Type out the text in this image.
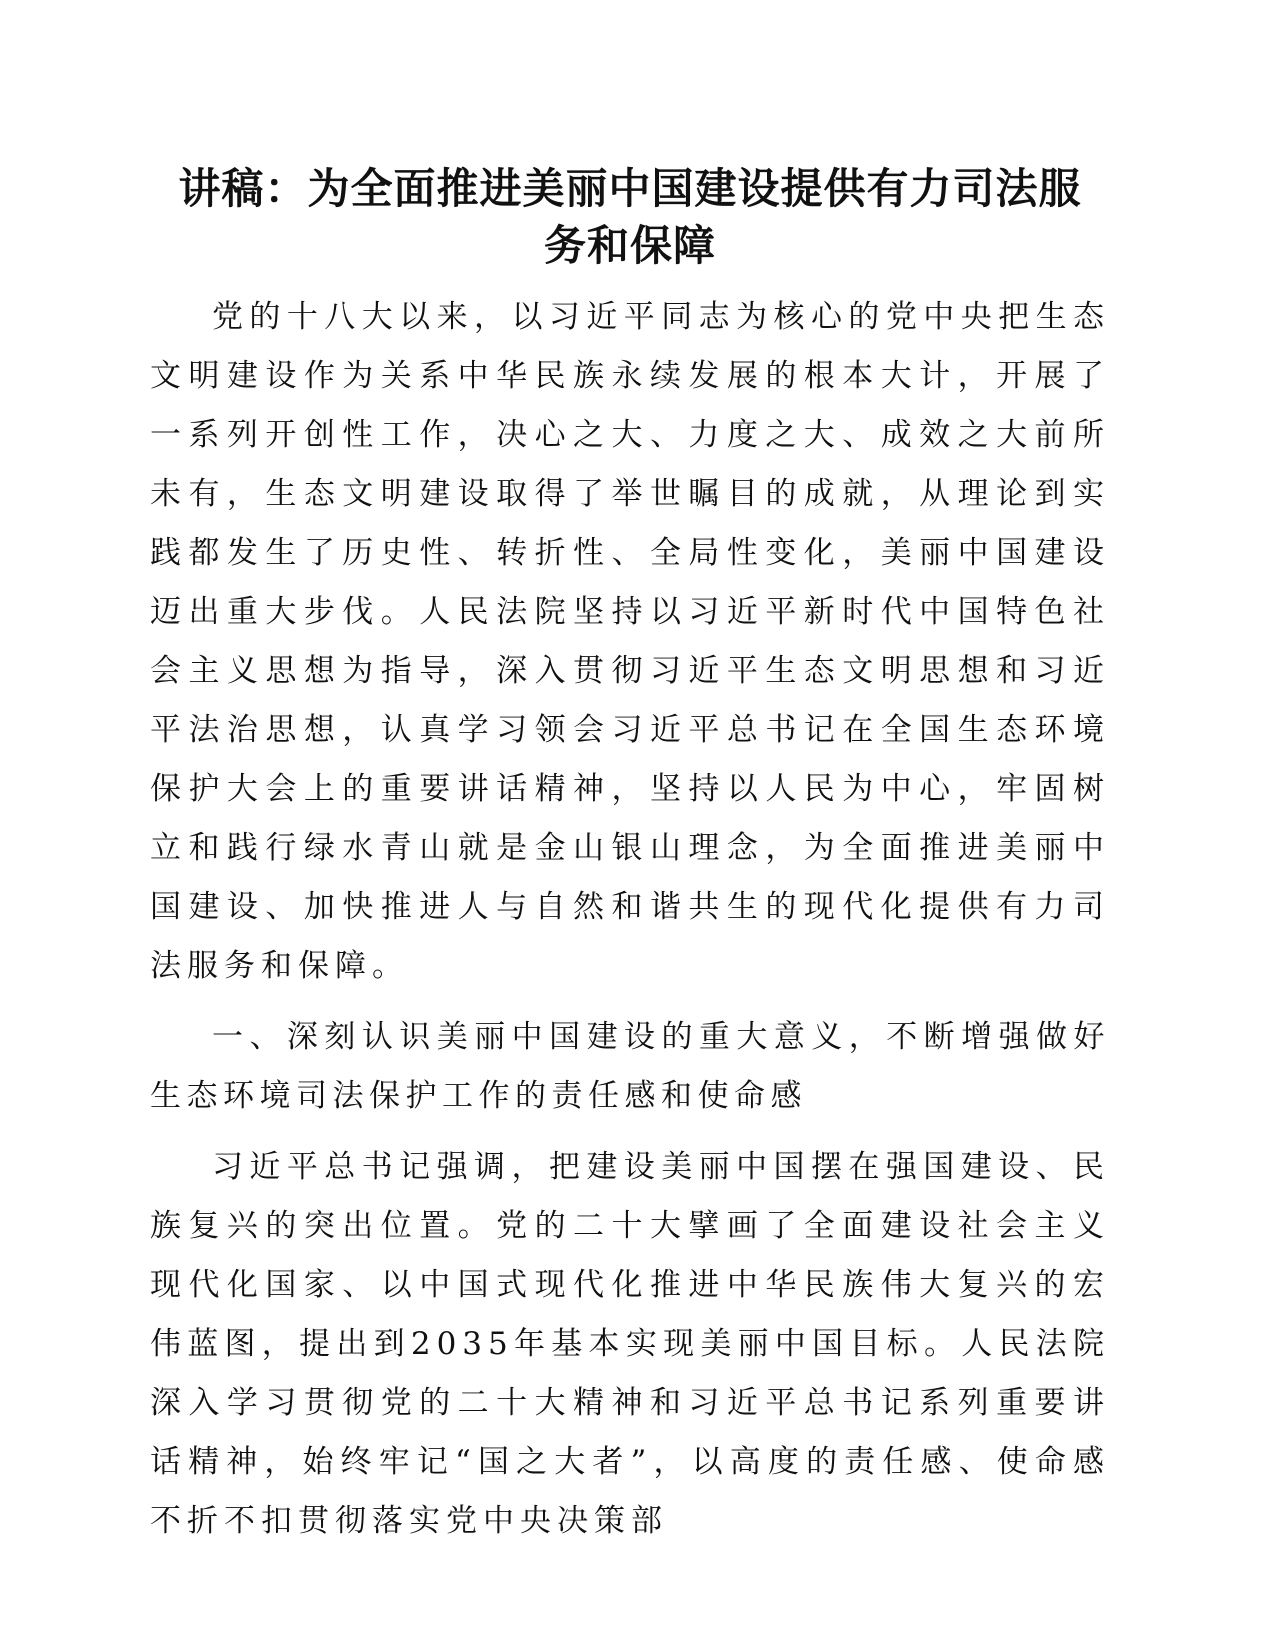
讲稿：为全面推进美丽中国建设提供有力司法服
务和保障

党的十八大以来，以习近平同志为核心的党中央把生态文明建设作为关系中华民族永续发展的根本大计，开展了一系列开创性工作，决心之大、力度之大、成效之大前所未有，生态文明建设取得了举世瞩目的成就，从理论到实践都发生了历史性、转折性、全局性变化，美丽中国建设迈出重大步伐。人民法院坚持以习近平新时代中国特色社会主义思想为指导，深入贯彻习近平生态文明思想和习近平法治思想，认真学习领会习近平总书记在全国生态环境保护大会上的重要讲话精神，坚持以人民为中心，牢固树立和践行绿水青山就是金山银山理念，为全面推进美丽中国建设、加快推进人与自然和谐共生的现代化提供有力司法服务和保障。

一、深刻认识美丽中国建设的重大意义，不断增强做好生态环境司法保护工作的责任感和使命感

习近平总书记强调，把建设美丽中国摆在强国建设、民族复兴的突出位置。党的二十大擘画了全面建设社会主义现代化国家、以中国式现代化推进中华民族伟大复兴的宏伟蓝图，提出到2035年基本实现美丽中国目标。人民法院深入学习贯彻党的二十大精神和习近平总书记系列重要讲话精神，始终牢记“国之大者”，以高度的责任感、使命感不折不扣贯彻落实党中央决策部
